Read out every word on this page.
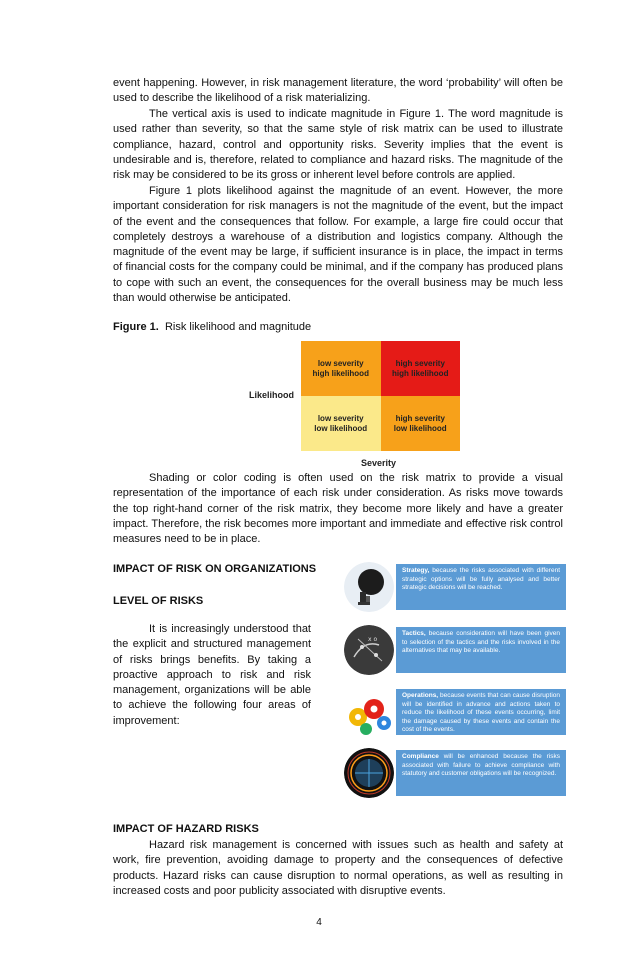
event happening. However, in risk management literature, the word ‘probability’ will often be used to describe the likelihood of a risk materializing.

The vertical axis is used to indicate magnitude in Figure 1. The word magnitude is used rather than severity, so that the same style of risk matrix can be used to illustrate compliance, hazard, control and opportunity risks. Severity implies that the event is undesirable and is, therefore, related to compliance and hazard risks. The magnitude of the risk may be considered to be its gross or inherent level before controls are applied.

Figure 1 plots likelihood against the magnitude of an event. However, the more important consideration for risk managers is not the magnitude of the event, but the impact of the event and the consequences that follow. For example, a large fire could occur that completely destroys a warehouse of a distribution and logistics company. Although the magnitude of the event may be large, if sufficient insurance is in place, the impact in terms of financial costs for the company could be minimal, and if the company has produced plans to cope with such an event, the consequences for the overall business may be much less than would otherwise be anticipated.

Figure 1. Risk likelihood and magnitude

low severity
high likelihood
high severity
high likelihood
low severity
low likelihood
high severity
low likelihood

Likelihood

Severity

Shading or color coding is often used on the risk matrix to provide a visual representation of the importance of each risk under consideration. As risks move towards the top right-hand corner of the risk matrix, they become more likely and have a greater impact. Therefore, the risk becomes more important and immediate and effective risk control measures need to be in place.

IMPACT OF RISK ON ORGANIZATIONS

LEVEL OF RISKS

It is increasingly understood that the explicit and structured management of risks brings benefits. By taking a proactive approach to risk and risk management, organizations will be able to achieve the following four areas of improvement:

Strategy, because the risks associated with different strategic options will be fully analysed and better strategic decisions will be reached.
x o
Tactics, because consideration will have been given to selection of the tactics and the risks involved in the alternatives that may be available.
Operations, because events that can cause disruption will be identified in advance and actions taken to reduce the likelihood of these events occurring, limit the damage caused by these events and contain the cost of the events.
Compliance will be enhanced because the risks associated with failure to achieve compliance with statutory and customer obligations will be recognized.

IMPACT OF HAZARD RISKS

Hazard risk management is concerned with issues such as health and safety at work, fire prevention, avoiding damage to property and the consequences of defective products. Hazard risks can cause disruption to normal operations, as well as resulting in increased costs and poor publicity associated with disruptive events.

4
